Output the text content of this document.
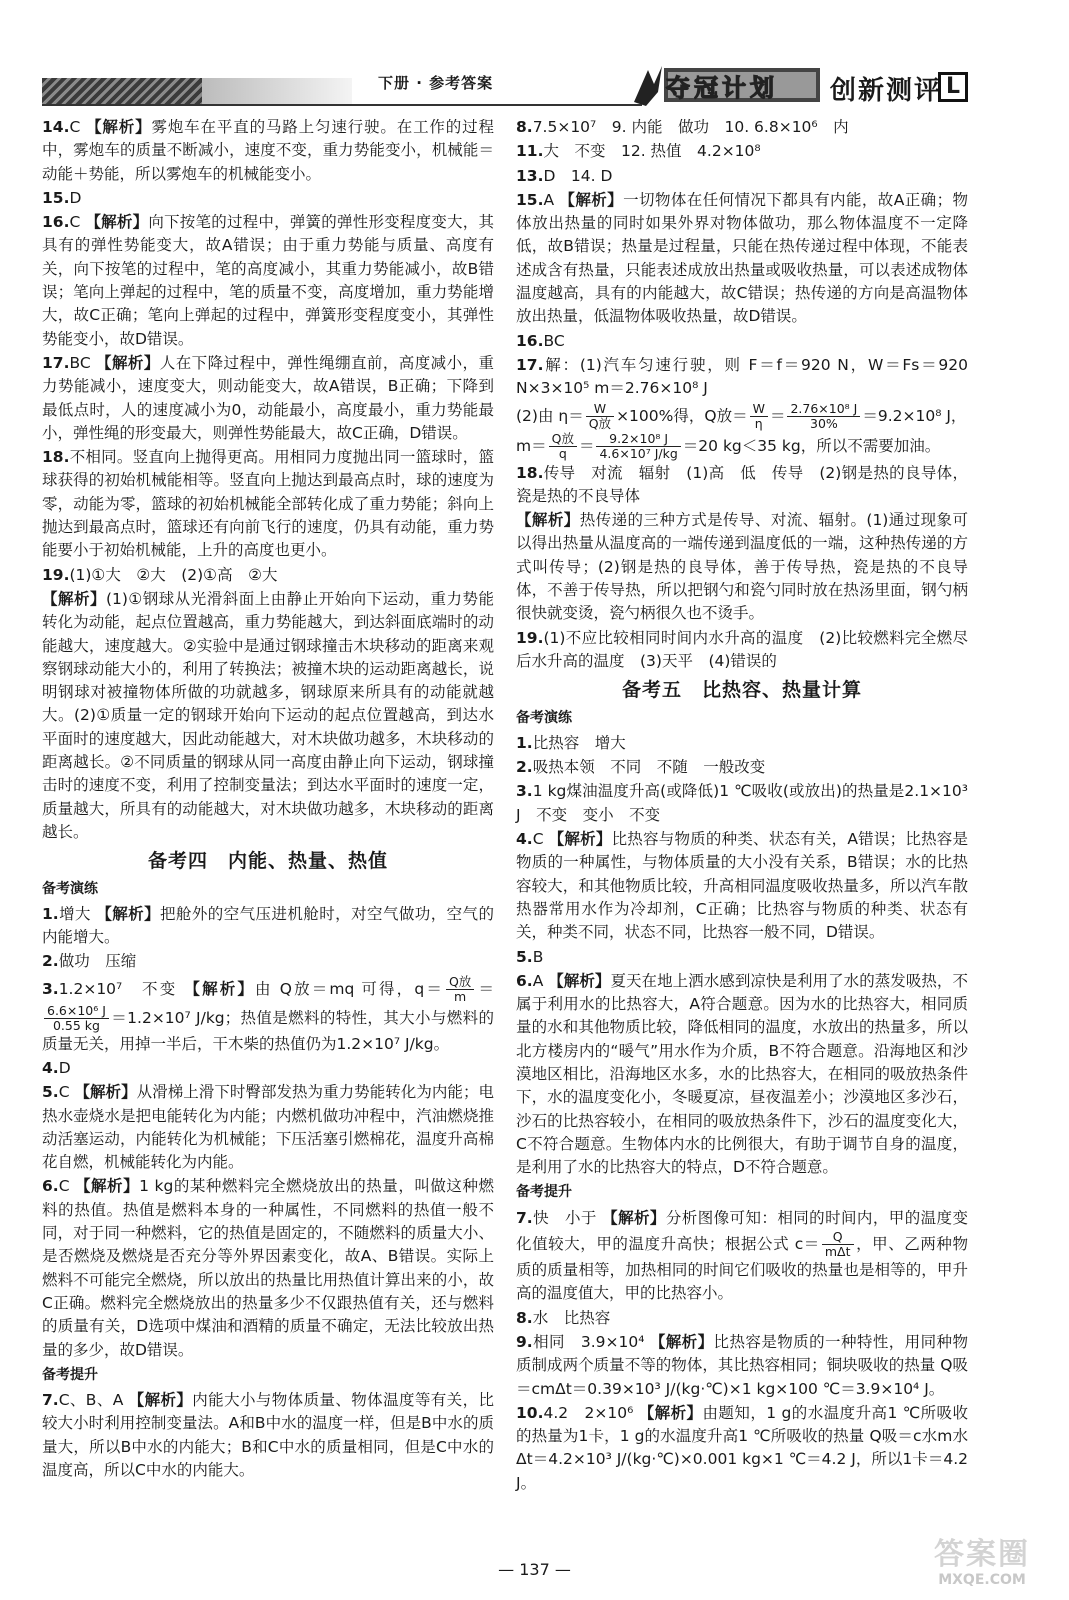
下册 · 参考答案	夺冠计划 创新测评 L
14.C 【解析】雾炮车在平直的马路上匀速行驶。在工作的过程中，雾炮车的质量不断减小，速度不变，重力势能变小，机械能＝动能＋势能，所以雾炮车的机械能变小。
15.D
16.C 【解析】向下按笔的过程中，弹簧的弹性形变程度变大，其具有的弹性势能变大，故A错误；由于重力势能与质量、高度有关，向下按笔的过程中，笔的高度减小，其重力势能减小，故B错误；笔向上弹起的过程中，笔的质量不变，高度增加，重力势能增大，故C正确；笔向上弹起的过程中，弹簧形变程度变小，其弹性势能变小，故D错误。
17.BC 【解析】人在下降过程中，弹性绳绷直前，高度减小，重力势能减小，速度变大，则动能变大，故A错误，B正确；下降到最低点时，人的速度减小为0，动能最小，高度最小，重力势能最小，弹性绳的形变最大，则弹性势能最大，故C正确，D错误。
18.不相同。竖直向上抛得更高。用相同力度抛出同一篮球时，篮球获得的初始机械能相等。竖直向上抛达到最高点时，球的速度为零，动能为零，篮球的初始机械能全部转化成了重力势能；斜向上抛达到最高点时，篮球还有向前飞行的速度，仍具有动能，重力势能要小于初始机械能，上升的高度也更小。
19.(1)①大　②大　(2)①高　②大
【解析】(1)①钢球从光滑斜面上由静止开始向下运动，重力势能转化为动能，起点位置越高，重力势能越大，到达斜面底端时的动能越大，速度越大。②实验中是通过钢球撞击木块移动的距离来观察钢球动能大小的，利用了转换法；被撞木块的运动距离越长，说明钢球对被撞物体所做的功就越多，钢球原来所具有的动能就越大。(2)①质量一定的钢球开始向下运动的起点位置越高，到达水平面时的速度越大，因此动能越大，对木块做功越多，木块移动的距离越长。②不同质量的钢球从同一高度由静止向下运动，钢球撞击时的速度不变，利用了控制变量法；到达水平面时的速度一定，质量越大，所具有的动能越大，对木块做功越多，木块移动的距离越长。
备考四　内能、热量、热值
备考演练
1.增大 【解析】把舱外的空气压进机舱时，对空气做功，空气的内能增大。
2.做功　压缩
3.1.2×10⁷　不变 【解析】由 Q放＝mq 可得，$q= \frac{\text{Q放}}{m}$ ＝
$\frac{\text{6.6×10⁶ J}}{0.55 kg} =1.2\times 10^7$ J/kg；热值是燃料的特性，其大小与燃料的质量无关，用掉一半后，干木柴的热值仍为1.2×10⁷ J/kg。
4.D
5.C 【解析】从滑梯上滑下时臀部发热为重力势能转化为内能；电热水壶烧水是把电能转化为内能；内燃机做功冲程中，汽油燃烧推动活塞运动，内能转化为机械能；下压活塞引燃棉花，温度升高棉花自燃，机械能转化为内能。
6.C 【解析】1 kg的某种燃料完全燃烧放出的热量，叫做这种燃料的热值。热值是燃料本身的一种属性，不同燃料的热值一般不同，对于同一种燃料，它的热值是固定的，不随燃料的质量大小、是否燃烧及燃烧是否充分等外界因素变化，故A、B错误。实际上燃料不可能完全燃烧，所以放出的热量比用热值计算出来的小，故C正确。燃料完全燃烧放出的热量多少不仅跟热值有关，还与燃料的质量有关，D选项中煤油和酒精的质量不确定，无法比较放出热量的多少，故D错误。
备考提升
7.C、B、A 【解析】内能大小与物体质量、物体温度等有关，比较大小时利用控制变量法。A和B中水的温度一样，但是B中水的质量大，所以B中水的内能大；B和C中水的质量相同，但是C中水的温度高，所以C中水的内能大。
8.7.5×10⁷　9. 内能　做功　10. 6.8×10⁶　内
11.大　不变　12. 热值　4.2×10⁸
13.D　14. D
15.A 【解析】一切物体在任何情况下都具有内能，故A正确；物体放出热量的同时如果外界对物体做功，那么物体温度不一定降低，故B错误；热量是过程量，只能在热传递过程中体现，不能表述成含有热量，只能表述成放出热量或吸收热量，可以表述成物体温度越高，具有的内能越大，故C错误；热传递的方向是高温物体放出热量，低温物体吸收热量，故D错误。
16.BC
17.解：(1)汽车匀速行驶，则 F＝f＝920 N，W＝Fs＝920 N×3×10⁵ m＝2.76×10⁸ J
(2)由 $\eta= \frac{W}{\text{Q放}} \times 100\%$得，Q放＝ $\frac{W}{\eta} = \frac{\text{2.76×10⁸ J}}{30\%} =9.2\times 10^8$ J，
$m= \frac{\text{Q放}}{q} = \frac{\text{9.2×10⁸ J}}{\text{4.6×10⁷ J/kg}} =20$ kg＜35 kg，所以不需要加油。
18.传导　对流　辐射　(1)高　低　传导　(2)钢是热的良导体，瓷是热的不良导体
【解析】热传递的三种方式是传导、对流、辐射。(1)通过现象可以得出热量从温度高的一端传递到温度低的一端，这种热传递的方式叫传导；(2)钢是热的良导体，善于传导热，瓷是热的不良导体，不善于传导热，所以把钢勺和瓷勺同时放在热汤里面，钢勺柄很快就变烫，瓷勺柄很久也不烫手。
19.(1)不应比较相同时间内水升高的温度　(2)比较燃料完全燃尽后水升高的温度　(3)天平　(4)错误的
备考五　比热容、热量计算
备考演练
1.比热容　增大
2.吸热本领　不同　不随　一般改变
3.1 kg煤油温度升高(或降低)1 ℃吸收(或放出)的热量是2.1×10³ J　不变　变小　不变
4.C 【解析】比热容与物质的种类、状态有关，A错误；比热容是物质的一种属性，与物体质量的大小没有关系，B错误；水的比热容较大，和其他物质比较，升高相同温度吸收热量多，所以汽车散热器常用水作为冷却剂，C正确；比热容与物质的种类、状态有关，种类不同，状态不同，比热容一般不同，D错误。
5.B
6.A 【解析】夏天在地上洒水感到凉快是利用了水的蒸发吸热，不属于利用水的比热容大，A符合题意。因为水的比热容大，相同质量的水和其他物质比较，降低相同的温度，水放出的热量多，所以北方楼房内的“暖气”用水作为介质，B不符合题意。沿海地区和沙漠地区相比，沿海地区水多，水的比热容大，在相同的吸放热条件下，水的温度变化小，冬暖夏凉，昼夜温差小；沙漠地区多沙石，沙石的比热容较小，在相同的吸放热条件下，沙石的温度变化大，C不符合题意。生物体内水的比例很大，有助于调节自身的温度，是利用了水的比热容大的特点，D不符合题意。
备考提升
7.快　小于 【解析】分析图像可知：相同的时间内，甲的温度变化值较大，甲的温度升高快；根据公式 $c= \frac{Q}{\text{mΔt}}$ ，甲、乙两种物质的质量相等，加热相同的时间它们吸收的热量也是相等的，甲升高的温度值大，甲的比热容小。
8.水　比热容
9.相同　3.9×10⁴ 【解析】比热容是物质的一种特性，用同种物质制成两个质量不等的物体，其比热容相同；铜块吸收的热量 Q吸＝cmΔt＝0.39×10³ J/(kg·℃)×1 kg×100 ℃＝3.9×10⁴ J。
10.4.2　2×10⁶ 【解析】由题知，1 g的水温度升高1 ℃所吸收的热量为1卡，1 g的水温度升高1 ℃所吸收的热量 Q吸＝c水m水Δt＝4.2×10³ J/(kg·℃)×0.001 kg×1 ℃＝4.2 J，所以1卡＝4.2 J。
— 137 —	答案圈
MXQE.COM
